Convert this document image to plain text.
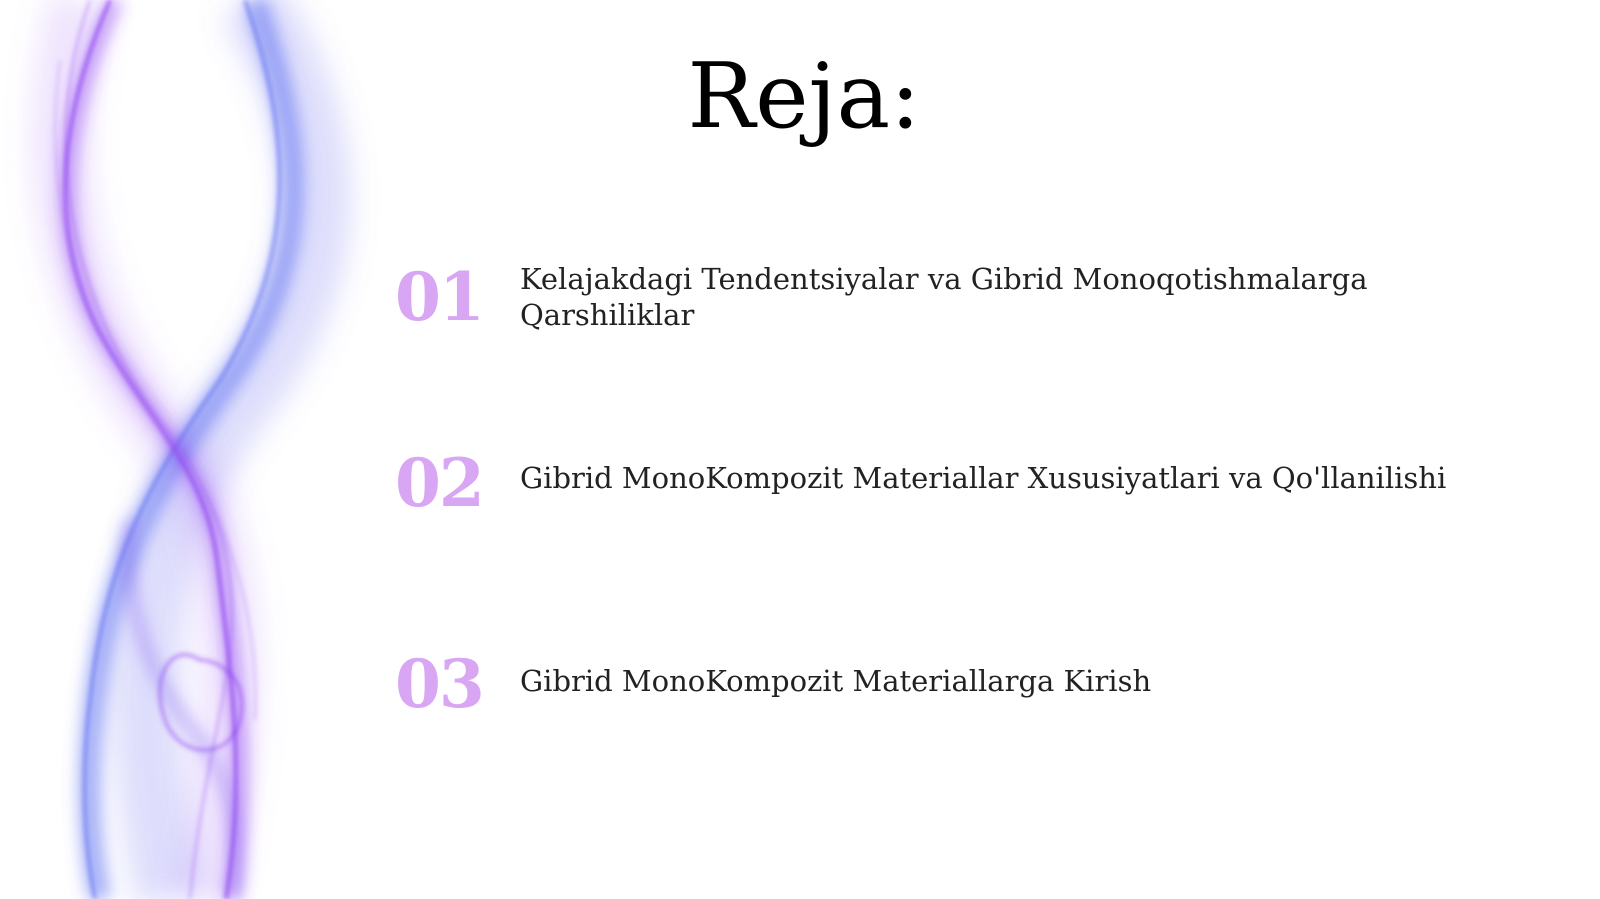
Reja:
01 Kelajakdagi Tendentsiyalar va Gibrid Monoqotishmalarga Qarshiliklar
02 Gibrid MonoKompozit Materiallar Xususiyatlari va Qo'llanilishi
03 Gibrid MonoKompozit Materiallarga Kirish
